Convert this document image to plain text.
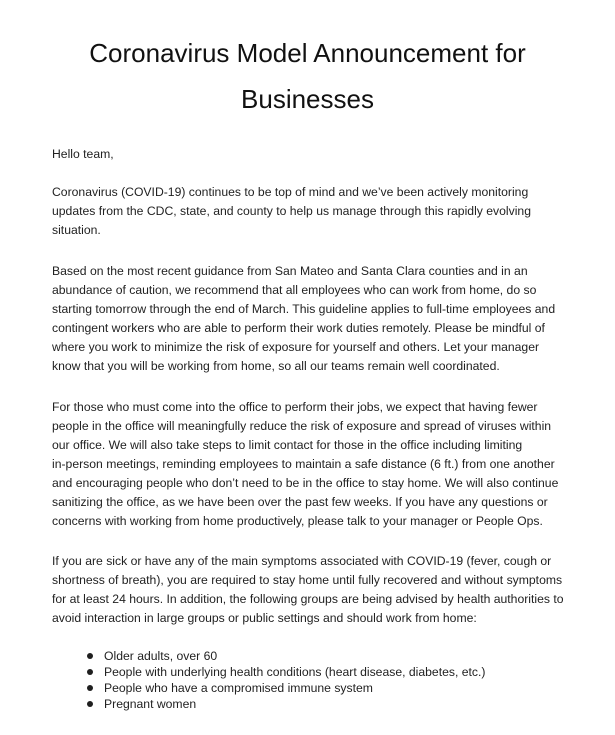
Coronavirus Model Announcement for
Businesses

Hello team,

Coronavirus (COVID-19) continues to be top of mind and we’ve been actively monitoring
updates from the CDC, state, and county to help us manage through this rapidly evolving
situation.

Based on the most recent guidance from San Mateo and Santa Clara counties and in an
abundance of caution, we recommend that all employees who can work from home, do so
starting tomorrow through the end of March. This guideline applies to full-time employees and
contingent workers who are able to perform their work duties remotely. Please be mindful of
where you work to minimize the risk of exposure for yourself and others. Let your manager
know that you will be working from home, so all our teams remain well coordinated.

For those who must come into the office to perform their jobs, we expect that having fewer
people in the office will meaningfully reduce the risk of exposure and spread of viruses within
our office. We will also take steps to limit contact for those in the office including limiting
in-person meetings, reminding employees to maintain a safe distance (6 ft.) from one another
and encouraging people who don’t need to be in the office to stay home. We will also continue
sanitizing the office, as we have been over the past few weeks. If you have any questions or
concerns with working from home productively, please talk to your manager or People Ops.

If you are sick or have any of the main symptoms associated with COVID-19 (fever, cough or
shortness of breath), you are required to stay home until fully recovered and without symptoms
for at least 24 hours. In addition, the following groups are being advised by health authorities to
avoid interaction in large groups or public settings and should work from home:

Older adults, over 60
People with underlying health conditions (heart disease, diabetes, etc.)
People who have a compromised immune system
Pregnant women
